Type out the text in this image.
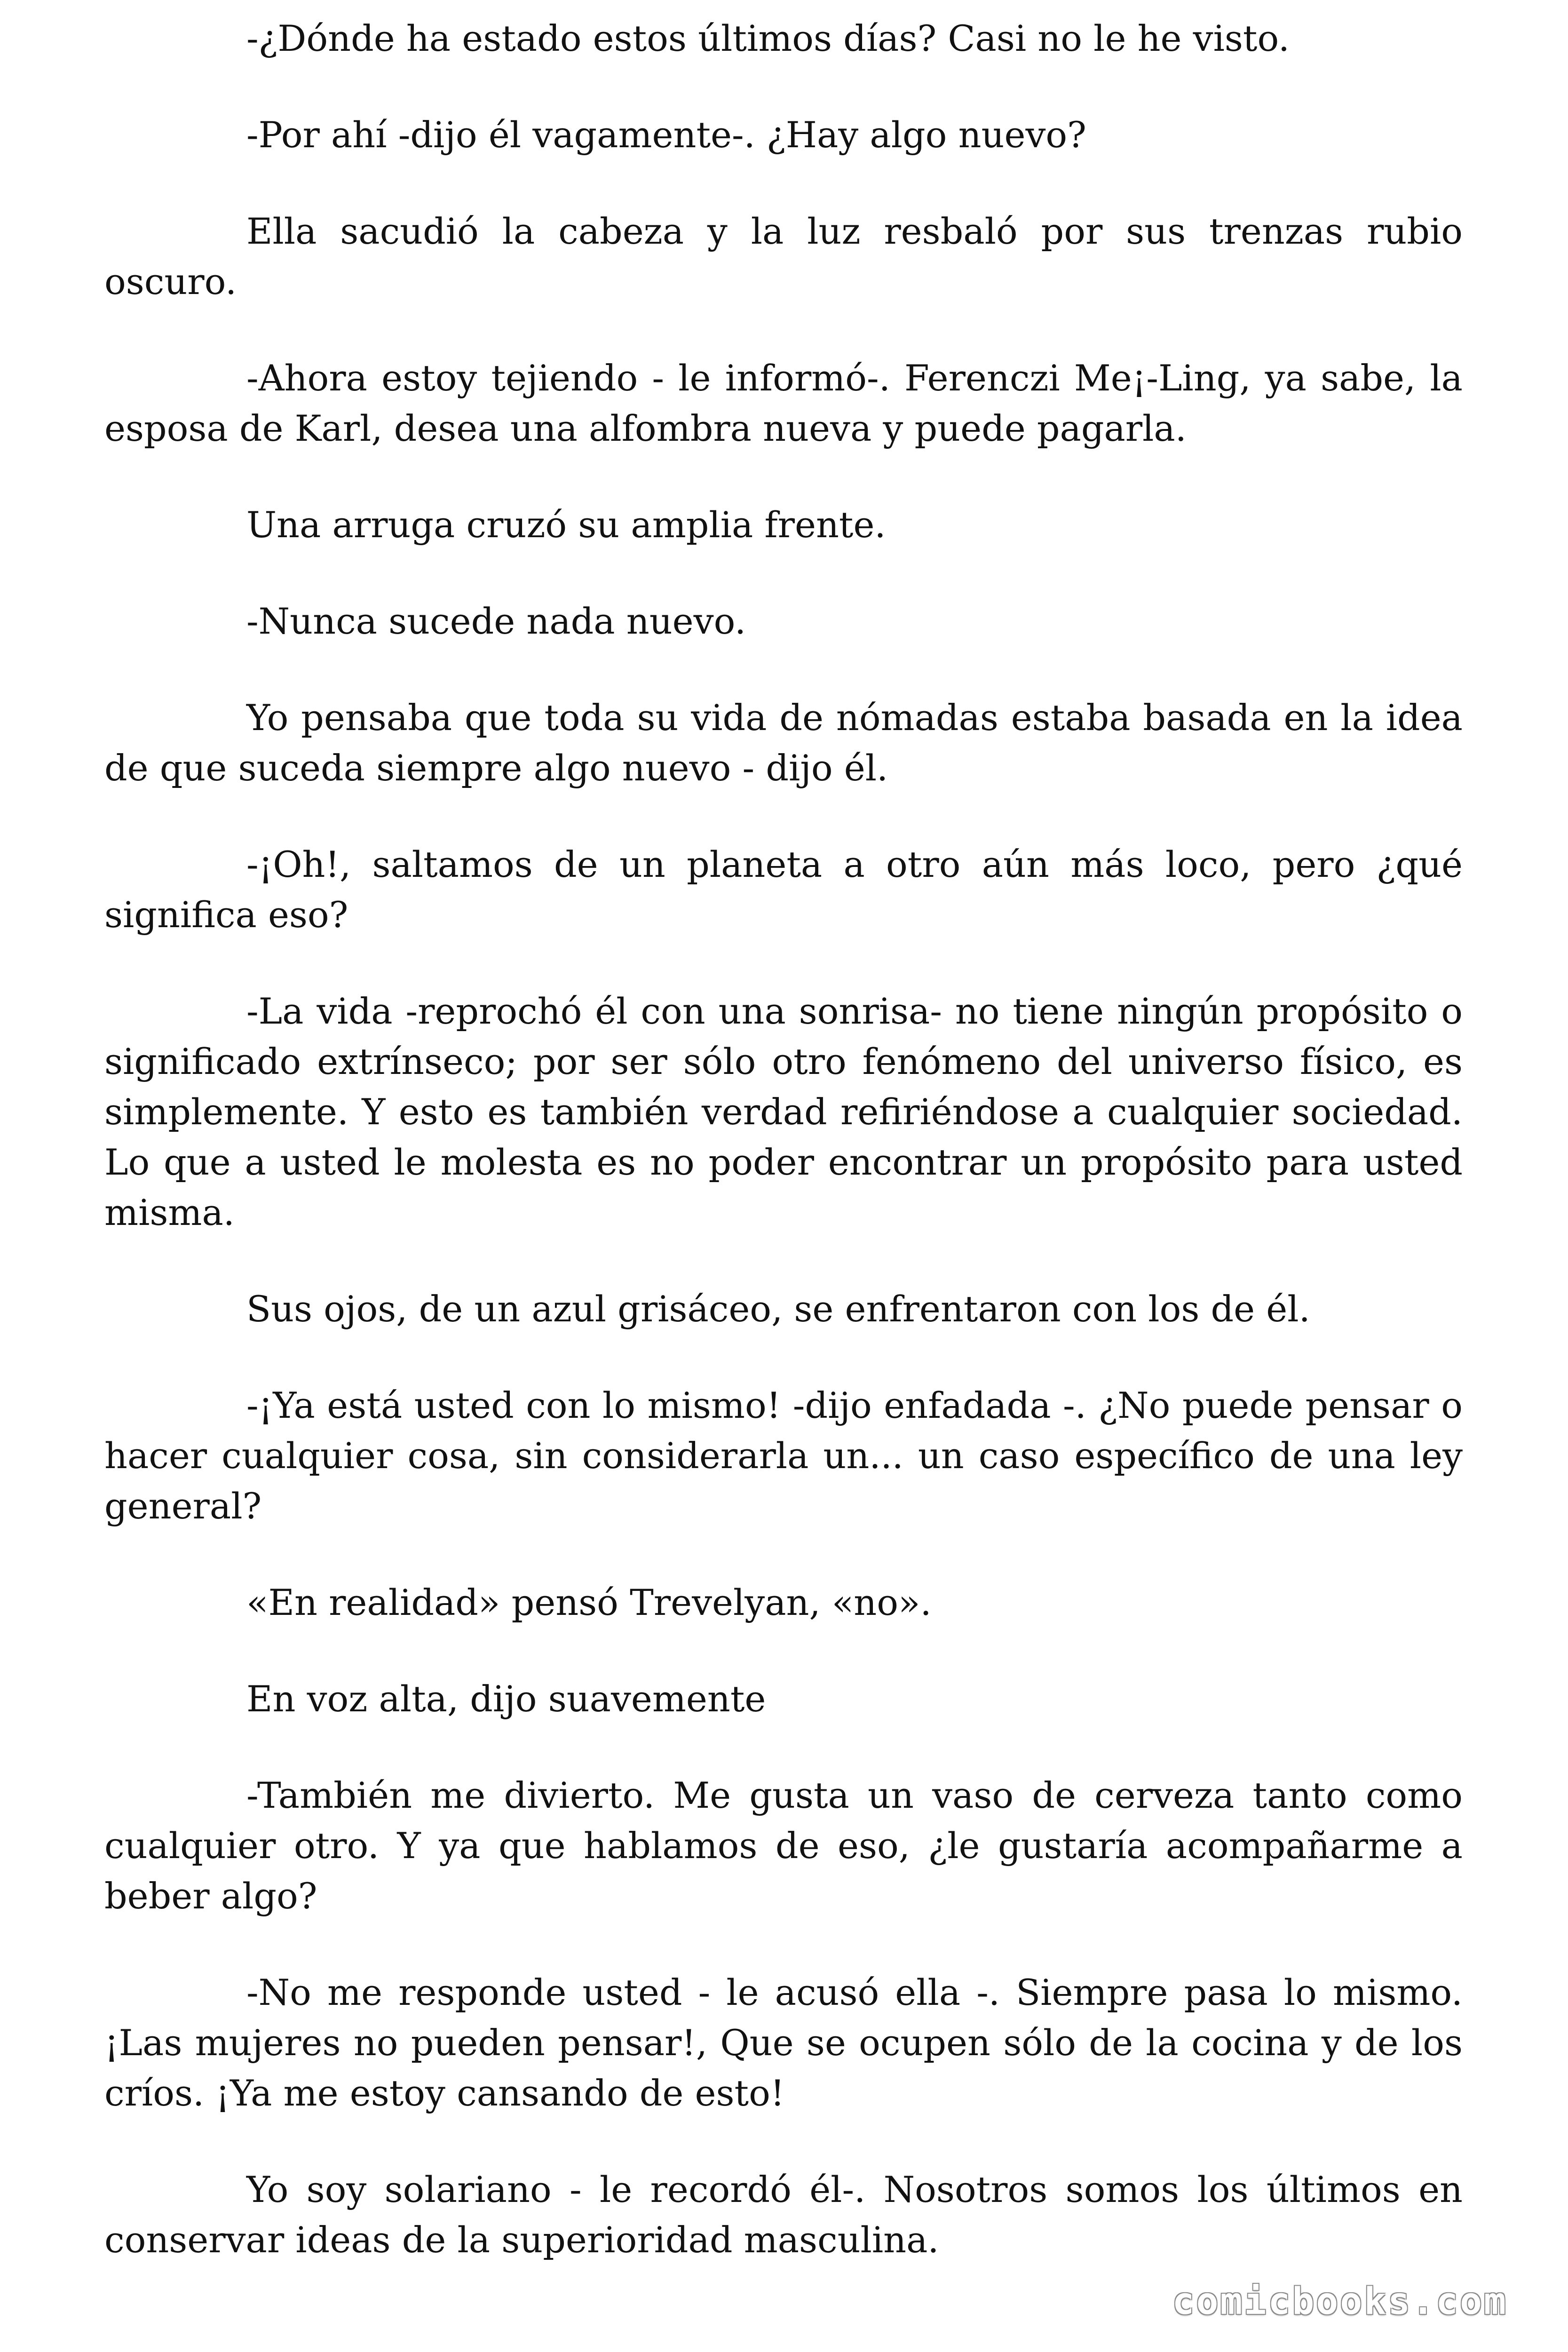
-¿Dónde ha estado estos últimos días? Casi no le he visto.

-Por ahí -dijo él vagamente-. ¿Hay algo nuevo?

Ella sacudió la cabeza y la luz resbaló por sus trenzas rubio oscuro.

-Ahora estoy tejiendo - le informó-. Ferenczi Me¡-Ling, ya sabe, la esposa de Karl, desea una alfombra nueva y puede pagarla.

Una arruga cruzó su amplia frente.

-Nunca sucede nada nuevo.

Yo pensaba que toda su vida de nómadas estaba basada en la idea de que suceda siempre algo nuevo - dijo él.

-¡Oh!, saltamos de un planeta a otro aún más loco, pero ¿qué significa eso?

-La vida -reprochó él con una sonrisa- no tiene ningún propósito o significado extrínseco; por ser sólo otro fenómeno del universo físico, es simplemente. Y esto es también verdad refiriéndose a cualquier sociedad. Lo que a usted le molesta es no poder encontrar un propósito para usted misma.

Sus ojos, de un azul grisáceo, se enfrentaron con los de él.

-¡Ya está usted con lo mismo! -dijo enfadada -. ¿No puede pensar o hacer cualquier cosa, sin considerarla un... un caso específico de una ley general?

«En realidad» pensó Trevelyan, «no».

En voz alta, dijo suavemente

-También me divierto. Me gusta un vaso de cerveza tanto como cualquier otro. Y ya que hablamos de eso, ¿le gustaría acompañarme a beber algo?

-No me responde usted - le acusó ella -. Siempre pasa lo mismo. ¡Las mujeres no pueden pensar!, Que se ocupen sólo de la cocina y de los críos. ¡Ya me estoy cansando de esto!

Yo soy solariano - le recordó él-. Nosotros somos los últimos en conservar ideas de la superioridad masculina.

comicbooks.com
